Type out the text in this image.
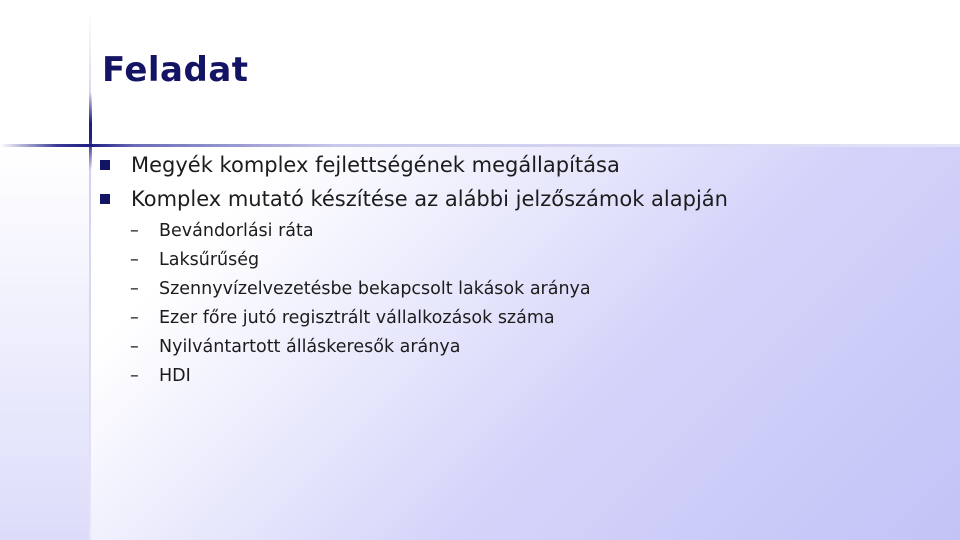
Feladat
Megyék komplex fejlettségének megállapítása
Komplex mutató készítése az alábbi jelzőszámok alapján
–	Bevándorlási ráta
–	Laksűrűség
–	Szennyvízelvezetésbe bekapcsolt lakások aránya
–	Ezer főre jutó regisztrált vállalkozások száma
–	Nyilvántartott álláskeresők aránya
–	HDI
